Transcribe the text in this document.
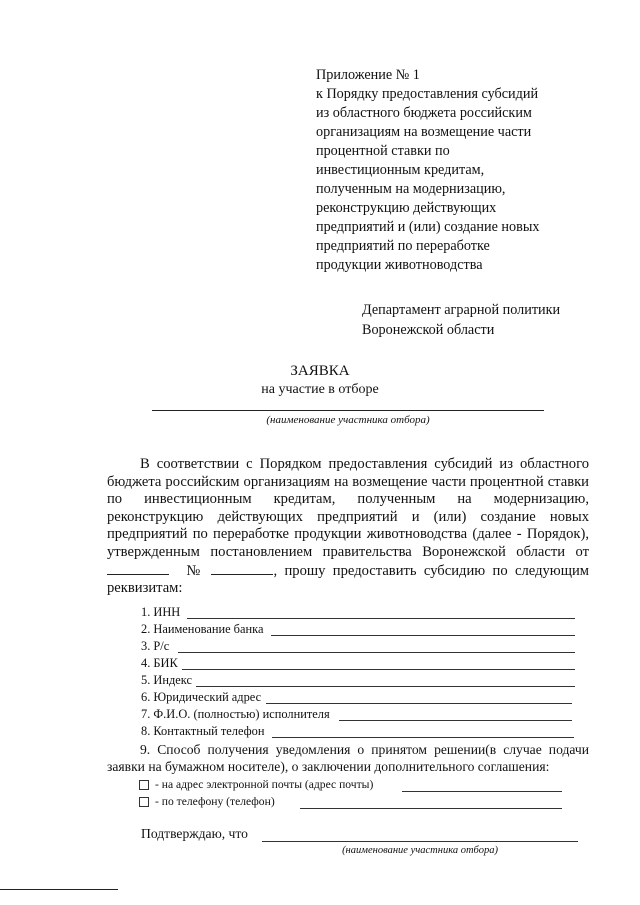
Приложение № 1
к Порядку предоставления субсидий
из областного бюджета российским
организациям на возмещение части
процентной ставки по
инвестиционным кредитам,
полученным на модернизацию,
реконструкцию действующих
предприятий и (или) создание новых
предприятий по переработке
продукции животноводства
Департамент аграрной политики
Воронежской области
ЗАЯВКА
на участие в отборе
(наименование участника отбора)
В соответствии с Порядком предоставления субсидий из областного бюджета российским организациям на возмещение части процентной ставки по инвестиционным кредитам, полученным на модернизацию, реконструкцию действующих предприятий и (или) создание новых предприятий по переработке продукции животноводства (далее - Порядок), утвержденным постановлением правительства Воронежской области от  №	, прошу предоставить субсидию по следующим реквизитам:
1. ИНН
2. Наименование банка
3. Р/с
4. БИК
5. Индекс
6. Юридический адрес
7. Ф.И.О. (полностью) исполнителя
8. Контактный телефон
9. Способ получения уведомления о принятом решении(в случае подачи заявки на бумажном носителе), о заключении дополнительного соглашения:
- на адрес электронной почты (адрес почты)
- по телефону (телефон)
Подтверждаю, что
(наименование участника отбора)
